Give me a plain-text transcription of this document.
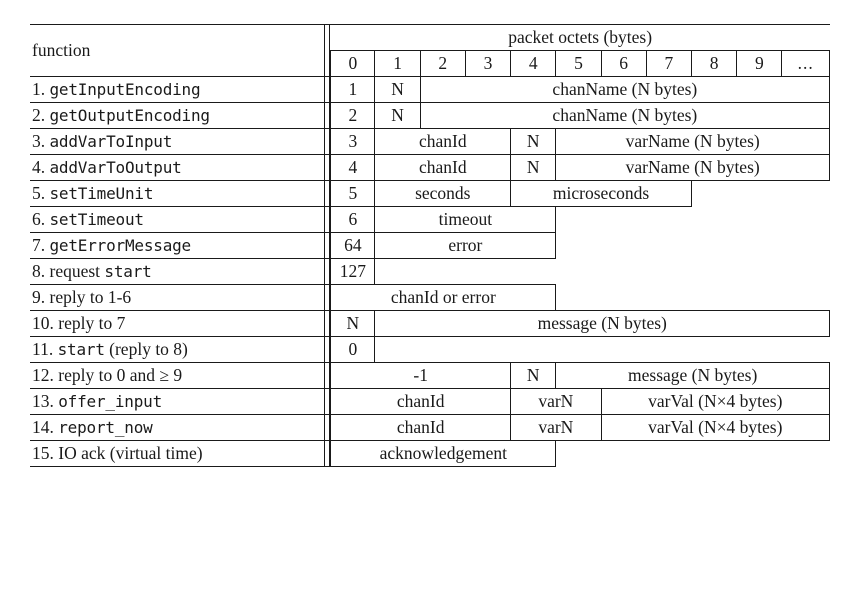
function		packet octets (bytes)										
		0	1	2	3	4	5	6	7	8	9	...
1. getInputEncoding		1	N	chanName (N bytes)								
2. getOutputEncoding		2	N	chanName (N bytes)								
3. addVarToInput		3	chanId			N	varName (N bytes)					
4. addVarToOutput		4	chanId			N	varName (N bytes)					
5. setTimeUnit		5	seconds			microseconds						
6. setTimeout		6	timeout									
7. getErrorMessage		64	error									
8. request start		127										
9. reply to 1-6		chanId or error										
10. reply to 7		N	message (N bytes)									
11. start (reply to 8)		0										
12. reply to 0 and ≥ 9		-1				N	message (N bytes)					
13. offer_input		chanId				varN		varVal (N×4 bytes)				
14. report_now		chanId				varN		varVal (N×4 bytes)				
15. IO ack (virtual time)		acknowledgement										
